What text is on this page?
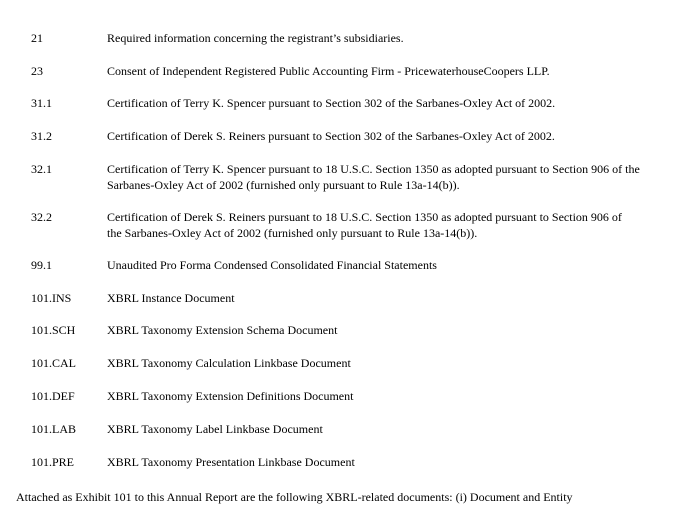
21	Required information concerning the registrant’s subsidiaries.
23	Consent of Independent Registered Public Accounting Firm - PricewaterhouseCoopers LLP.
31.1	Certification of Terry K. Spencer pursuant to Section 302 of the Sarbanes-Oxley Act of 2002.
31.2	Certification of Derek S. Reiners pursuant to Section 302 of the Sarbanes-Oxley Act of 2002.
32.1	Certification of Terry K. Spencer pursuant to 18 U.S.C. Section 1350 as adopted pursuant to Section 906 of the Sarbanes-Oxley Act of 2002 (furnished only pursuant to Rule 13a-14(b)).
32.2	Certification of Derek S. Reiners pursuant to 18 U.S.C. Section 1350 as adopted pursuant to Section 906 of the Sarbanes-Oxley Act of 2002 (furnished only pursuant to Rule 13a-14(b)).
99.1	Unaudited Pro Forma Condensed Consolidated Financial Statements
101.INS	XBRL Instance Document
101.SCH	XBRL Taxonomy Extension Schema Document
101.CAL	XBRL Taxonomy Calculation Linkbase Document
101.DEF	XBRL Taxonomy Extension Definitions Document
101.LAB	XBRL Taxonomy Label Linkbase Document
101.PRE	XBRL Taxonomy Presentation Linkbase Document
Attached as Exhibit 101 to this Annual Report are the following XBRL-related documents: (i) Document and Entity
